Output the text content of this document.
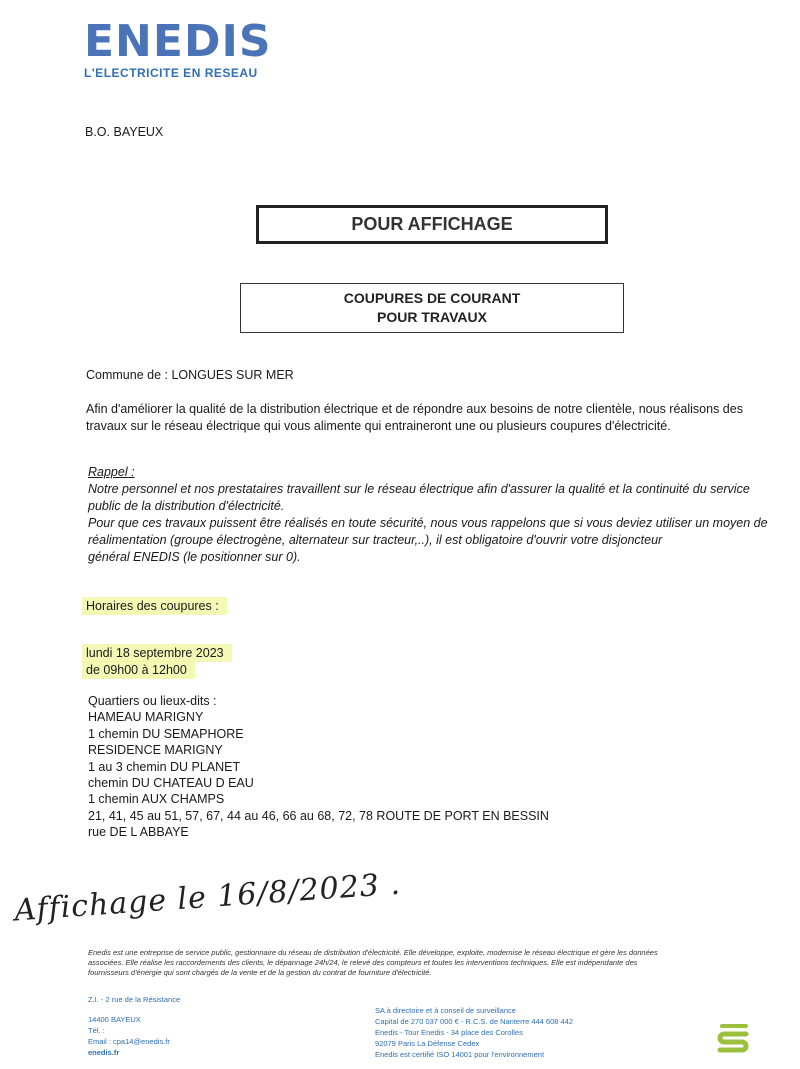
ENEDIS
L'ELECTRICITE EN RESEAU
B.O. BAYEUX
POUR AFFICHAGE
COUPURES DE COURANT
POUR TRAVAUX
Commune de : LONGUES SUR MER
Afin d'améliorer la qualité de la distribution électrique et de répondre aux besoins de notre clientèle, nous réalisons des
travaux sur le réseau électrique qui vous alimente qui entraineront une ou plusieurs coupures d'électricité.
Rappel :
Notre personnel et nos prestataires travaillent sur le réseau électrique afin d'assurer la qualité et la continuité du service
public de la distribution d'électricité.
Pour que ces travaux puissent être réalisés en toute sécurité, nous vous rappelons que si vous deviez utiliser un moyen de
réalimentation (groupe électrogène, alternateur sur tracteur,..), il est obligatoire d'ouvrir votre disjoncteur
général ENEDIS (le positionner sur 0).
Horaires des coupures :
lundi 18 septembre 2023
de 09h00 à 12h00
Quartiers ou lieux-dits :
HAMEAU MARIGNY
1 chemin DU SEMAPHORE
RESIDENCE MARIGNY
1 au 3 chemin DU PLANET
chemin DU CHATEAU D EAU
1 chemin AUX CHAMPS
21, 41, 45 au 51, 57, 67, 44 au 46, 66 au 68, 72, 78 ROUTE DE PORT EN BESSIN
rue DE L ABBAYE
Affichage le 16/8/2023 .
Enedis est une entreprise de service public, gestionnaire du réseau de distribution d'électricité. Elle développe, exploite, modernise le réseau électrique et gère les données
associées. Elle réalise les raccordements des clients, le dépannage 24h/24, le relevé des compteurs et toutes les interventions techniques. Elle est indépendante des
fournisseurs d'énergie qui sont chargés de la vente et de la gestion du contrat de fourniture d'électricité.
Z.I. - 2 rue de la Résistance
14400 BAYEUX
Tél. :
Email : cpa14@enedis.fr
enedis.fr
SA à directoire et à conseil de surveillance
Capital de 270 037 000 € - R.C.S. de Nanterre 444 608 442
Enedis - Tour Enedis - 34 place des Corolles
92079 Paris La Défense Cedex
Enedis est certifié ISO 14001 pour l'environnement
